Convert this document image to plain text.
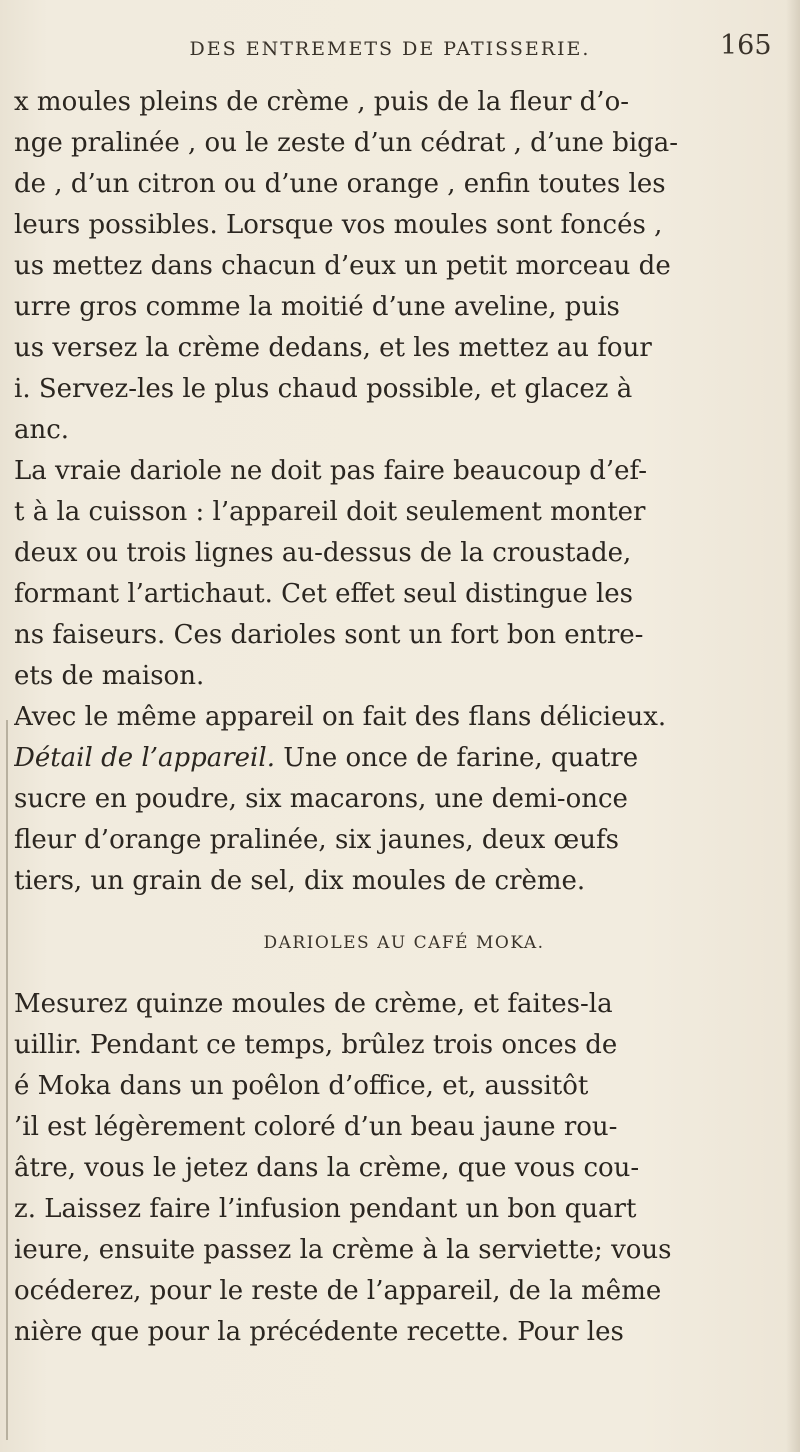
DES ENTREMETS DE PATISSERIE.	165
x moules pleins de crème , puis de la fleur d’o-
nge pralinée , ou le zeste d’un cédrat , d’une biga-
de , d’un citron ou d’une orange , enfin toutes les
leurs possibles. Lorsque vos moules sont foncés ,
us mettez dans chacun d’eux un petit morceau de
urre gros comme la moitié d’une aveline, puis
us versez la crème dedans, et les mettez au four
i. Servez-les le plus chaud possible, et glacez à
anc.
La vraie dariole ne doit pas faire beaucoup d’ef-
t à la cuisson : l’appareil doit seulement monter
deux ou trois lignes au-dessus de la croustade,
formant l’artichaut. Cet effet seul distingue les
ns faiseurs. Ces darioles sont un fort bon entre-
ets de maison.
Avec le même appareil on fait des flans délicieux.
Détail de l’appareil. Une once de farine, quatre
sucre en poudre, six macarons, une demi-once
fleur d’orange pralinée, six jaunes, deux œufs
tiers, un grain de sel, dix moules de crème.
DARIOLES AU CAFÉ MOKA.
Mesurez quinze moules de crème, et faites-la
uillir. Pendant ce temps, brûlez trois onces de
é Moka dans un poêlon d’office, et, aussitôt
’il est légèrement coloré d’un beau jaune rou-
âtre, vous le jetez dans la crème, que vous cou-
z. Laissez faire l’infusion pendant un bon quart
ieure, ensuite passez la crème à la serviette; vous
océderez, pour le reste de l’appareil, de la même
nière que pour la précédente recette. Pour les
